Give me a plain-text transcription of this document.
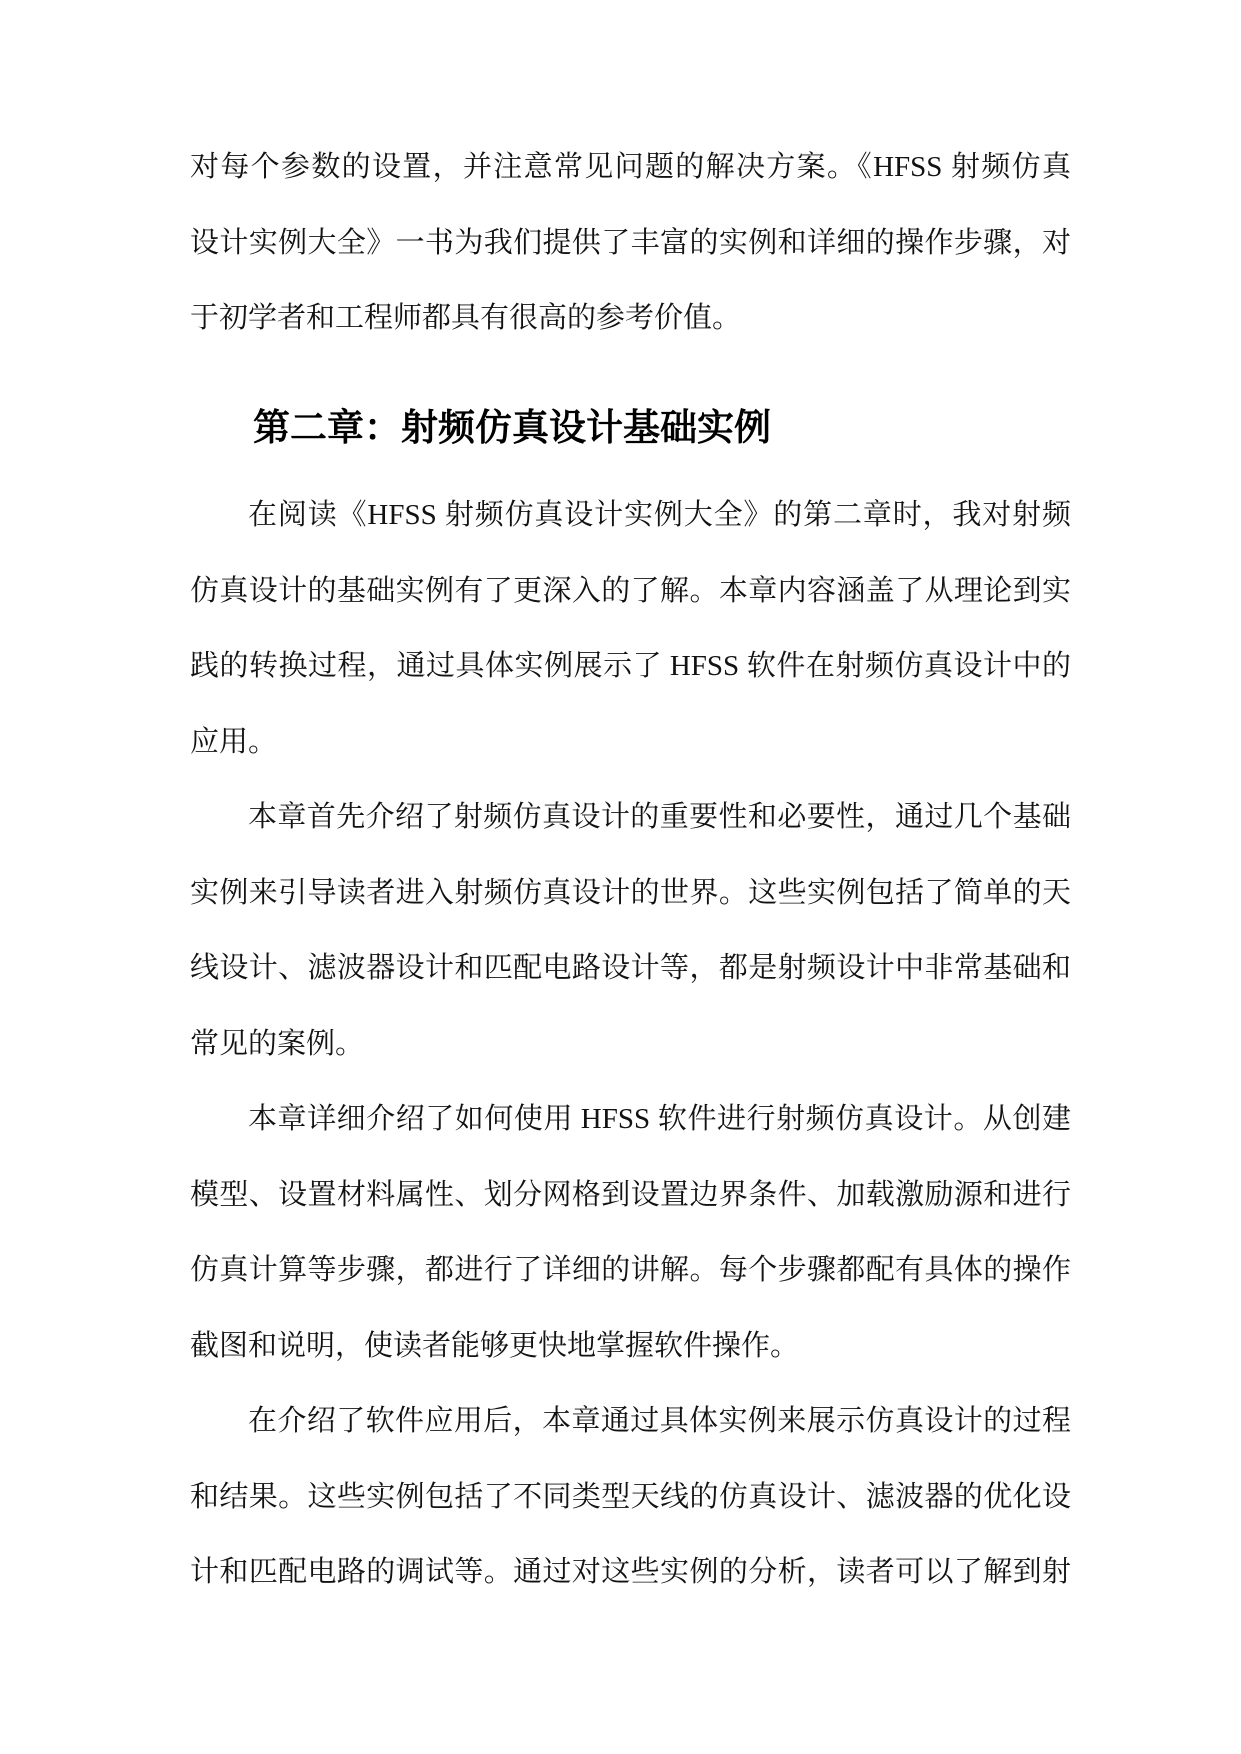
对每个参数的设置，并注意常见问题的解决方案。《HFSS 射频仿真
设计实例大全》一书为我们提供了丰富的实例和详细的操作步骤，对
于初学者和工程师都具有很高的参考价值。
第二章：射频仿真设计基础实例
在阅读《HFSS 射频仿真设计实例大全》的第二章时，我对射频
仿真设计的基础实例有了更深入的了解。本章内容涵盖了从理论到实
践的转换过程，通过具体实例展示了 HFSS 软件在射频仿真设计中的
应用。
本章首先介绍了射频仿真设计的重要性和必要性，通过几个基础
实例来引导读者进入射频仿真设计的世界。这些实例包括了简单的天
线设计、滤波器设计和匹配电路设计等，都是射频设计中非常基础和
常见的案例。
本章详细介绍了如何使用 HFSS 软件进行射频仿真设计。从创建
模型、设置材料属性、划分网格到设置边界条件、加载激励源和进行
仿真计算等步骤，都进行了详细的讲解。每个步骤都配有具体的操作
截图和说明，使读者能够更快地掌握软件操作。
在介绍了软件应用后，本章通过具体实例来展示仿真设计的过程
和结果。这些实例包括了不同类型天线的仿真设计、滤波器的优化设
计和匹配电路的调试等。通过对这些实例的分析，读者可以了解到射
